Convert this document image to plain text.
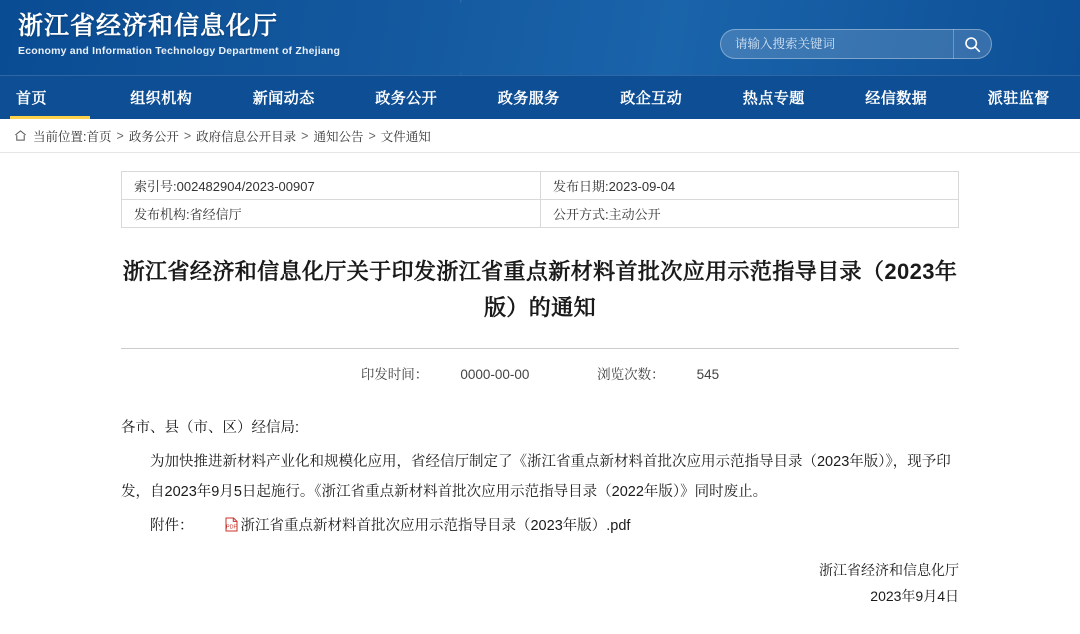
浙江省经济和信息化厅
Economy and Information Technology Department of Zhejiang
请输入搜索关键词
首页	组织机构	新闻动态	政务公开	政务服务	政企互动	热点专题	经信数据	派驻监督
当前位置: 首页 > 政务公开 > 政府信息公开目录 > 通知公告 > 文件通知
索引号:002482904/2023-00907	发布日期:2023-09-04
发布机构:省经信厅	公开方式:主动公开
浙江省经济和信息化厅关于印发浙江省重点新材料首批次应用示范指导目录（2023年版）的通知
印发时间： 0000-00-00	浏览次数： 545

各市、县（市、区）经信局:

为加快推进新材料产业化和规模化应用，省经信厅制定了《浙江省重点新材料首批次应用示范指导目录（2023年版）》，现予印发，自2023年9月5日起施行。《浙江省重点新材料首批次应用示范指导目录（2022年版）》同时废止。

附件：	PDF 浙江省重点新材料首批次应用示范指导目录（2023年版）.pdf

浙江省经济和信息化厅
2023年9月4日
